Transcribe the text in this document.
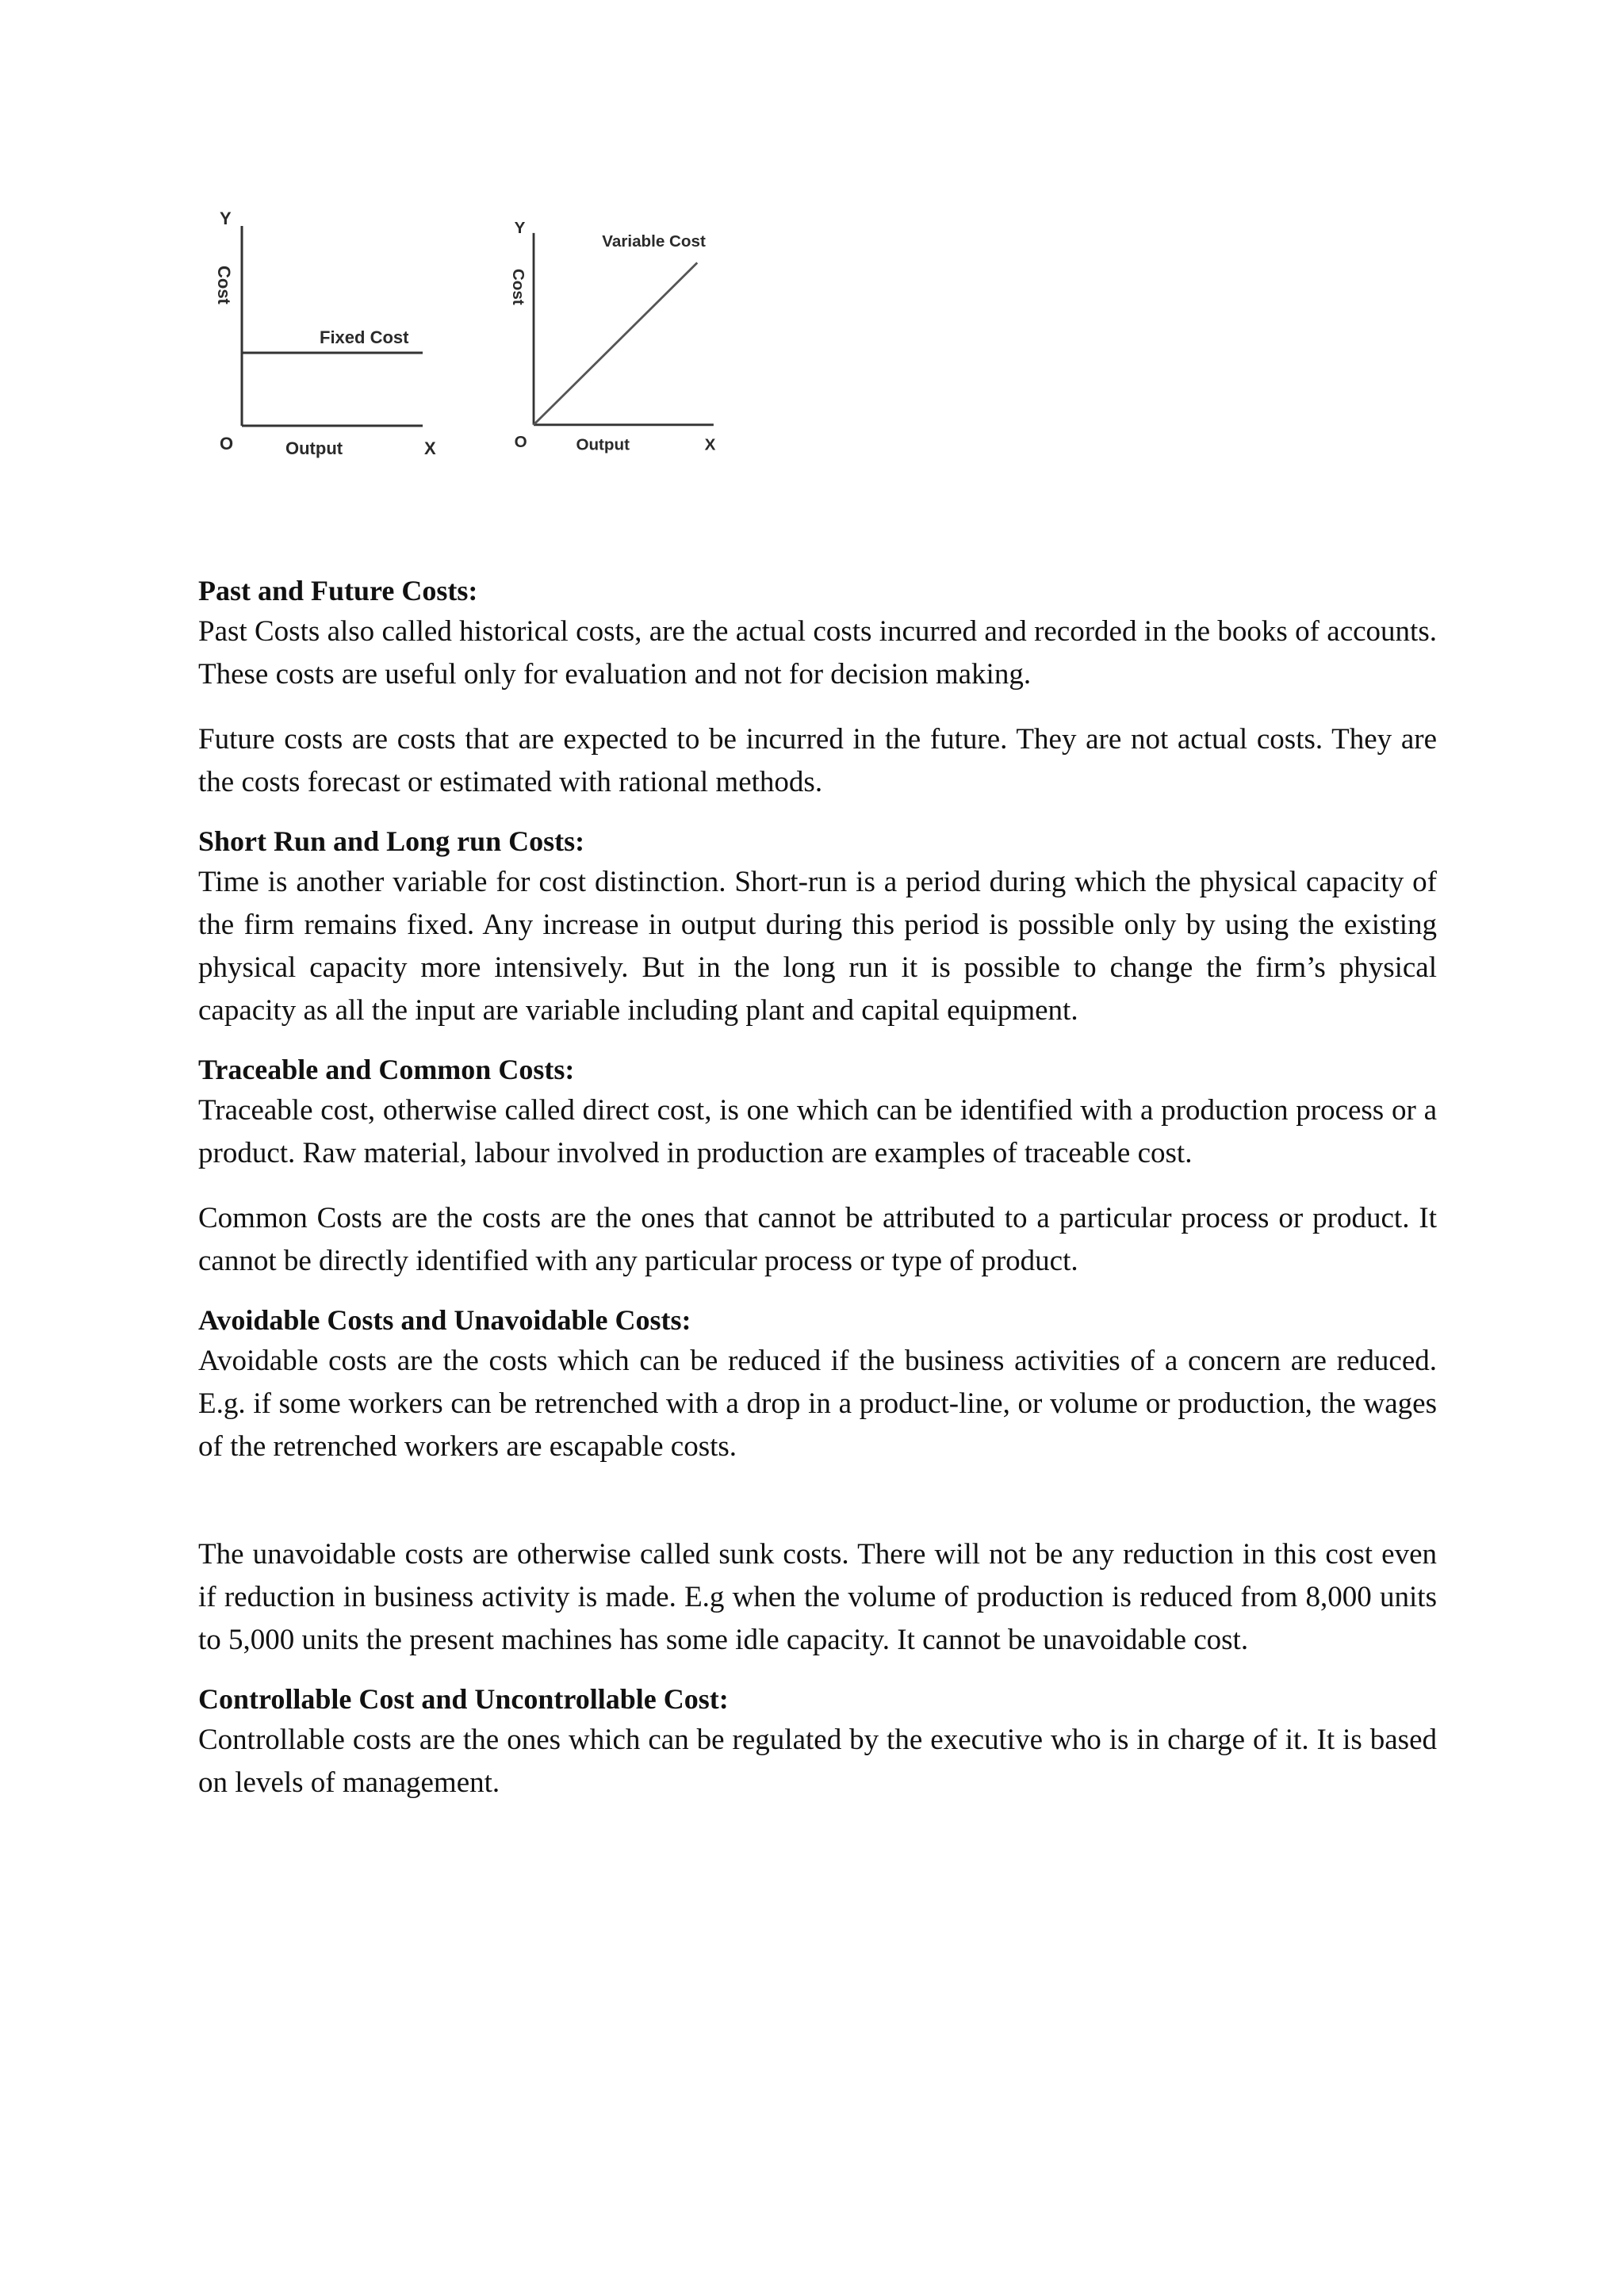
Y
Cost
Fixed Cost
O	Output	X
Y
Cost
Variable Cost
O	Output	X

Past and Future Costs:

Past Costs also called historical costs, are the actual costs incurred and recorded in the books of accounts. These costs are useful only for evaluation and not for decision making.

Future costs are costs that are expected to be incurred in the future. They are not actual costs. They are the costs forecast or estimated with rational methods.

Short Run and Long run Costs:

Time is another variable for cost distinction. Short-run is a period during which the physical capacity of the firm remains fixed. Any increase in output during this period is possible only by using the existing physical capacity more intensively. But in the long run it is possible to change the firm’s physical capacity as all the input are variable including plant and capital equipment.

Traceable and Common Costs:

Traceable cost, otherwise called direct cost, is one which can be identified with a production process or a product. Raw material, labour involved in production are examples of traceable cost.

Common Costs are the costs are the ones that cannot be attributed to a particular process or product. It cannot be directly identified with any particular process or type of product.

Avoidable Costs and Unavoidable Costs:

Avoidable costs are the costs which can be reduced if the business activities of a concern are reduced. E.g. if some workers can be retrenched with a drop in a product-line, or volume or production, the wages of the retrenched workers are escapable costs.

The unavoidable costs are otherwise called sunk costs. There will not be any reduction in this cost even if reduction in business activity is made. E.g when the volume of production is reduced from 8,000 units to 5,000 units the present machines has some idle capacity. It cannot be unavoidable cost.

Controllable Cost and Uncontrollable Cost:

Controllable costs are the ones which can be regulated by the executive who is in charge of it. It is based on levels of management.
